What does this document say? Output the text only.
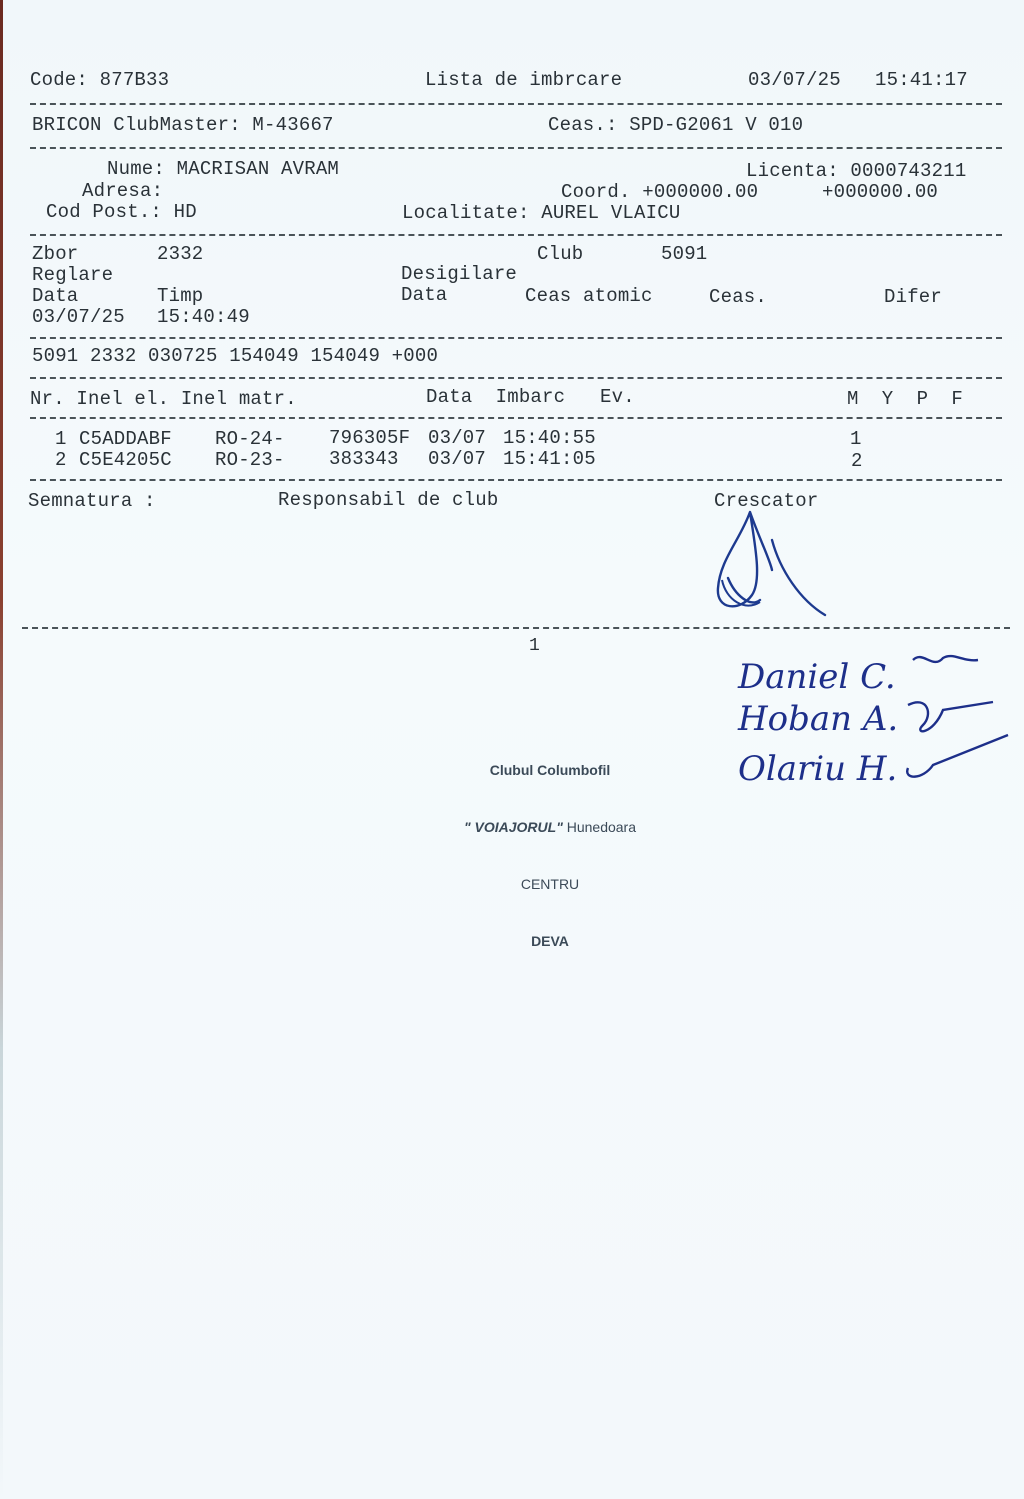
Code: 877B33	Lista de imbrcare	03/07/25 15:41:17
BRICON ClubMaster: M-43667	Ceas.: SPD-G2061 V 010
Nume: MACRISAN AVRAM	Licenta: 0000743211
Adresa:	Coord. +000000.00	+000000.00
Cod Post.: HD	Localitate: AUREL VLAICU
Zbor	2332	Club	5091
Reglare	Desigilare
Data	Timp	Data	Ceas atomic	Ceas.	Difer
03/07/25 15:40:49
5091 2332 030725 154049 154049 +000
Nr. Inel el. Inel matr.	Data  Imbarc   Ev.	M  Y  P  F
1 C5ADDABF RO-24- 796305F 03/07 15:40:55	1
2 C5E4205C RO-23- 383343 03/07 15:41:05	2
Semnatura :	Responsabil de club	Crescator
1

Clubul Columbofil

" VOIAJORUL" Hunedoara

CENTRU

DEVA

Daniel C.
Hoban A.
Olariu H.
